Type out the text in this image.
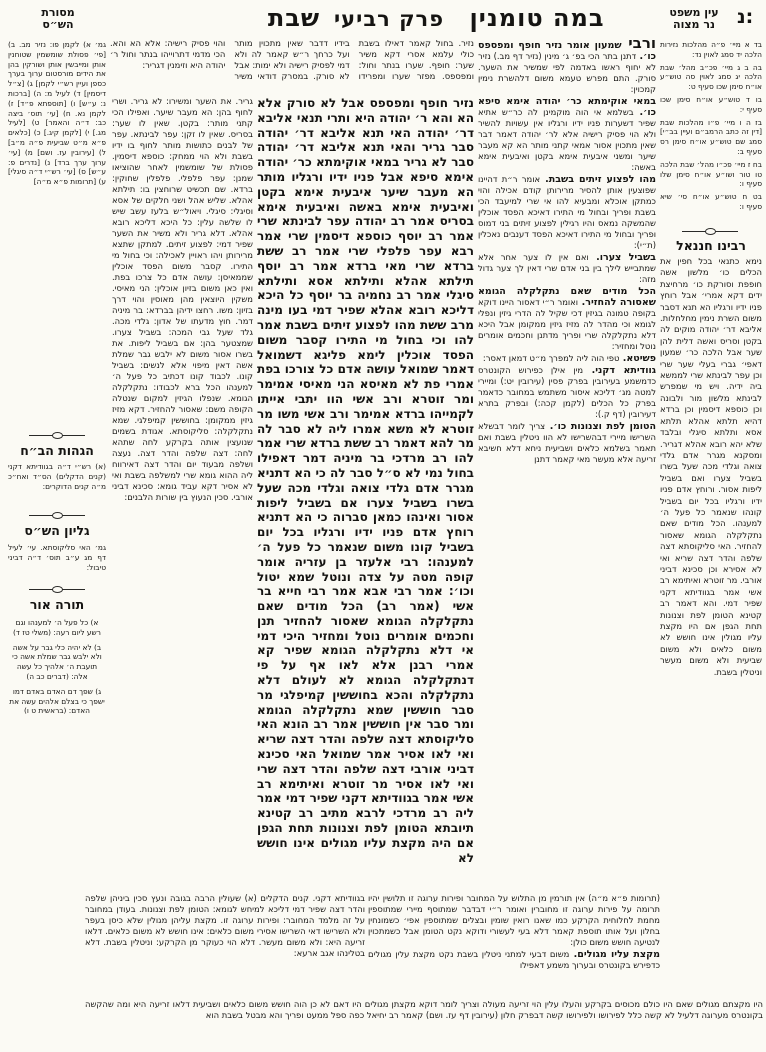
נ:
עין משפט
נר מצוה
במה טומנין
פרק רביעי
שבת
מסורת
הש״ס

בד א מיי׳ פ״ה מהלכות נזירות הלכה יד סמג לאוין נד:

בה ב ג מיי׳ פכ״ב מהל׳ שבת הלכה יג סמג לאוין סה טוש״ע או״ח סימן שכו סעיף ט:

בו ד טוש״ע או״ח סימן שכו סעיף י:

בז ה ו מיי׳ פ״ו מהלכות שבת [דין זה כתב הרמב״ם ועיין בב״י] סמג שם טוש״ע או״ח סימן רס סעיף ב:

בח ז מיי׳ פכ״ו מהל׳ שבת הלכה טו טור ושו״ע או״ח סימן שלו סעיף ו:

בט ח טוש״ע או״ח סי׳ שיא סעיף ו:

רבינו חננאל
נימא כתנאי בכל חפין את הכלים כו׳ מלשון אשה חופפת וסורקת כו׳ מרחיצת ידים דקא אמרי׳ אבל רוחץ פניו ידיו ורגליו הא תנא דסבר משום השרת נימין מחלחלות. אליבא דר׳ יהודה מוקים לה בקטן וסריס ואשה דלית להן שער אבל הלכה כר׳ שמעון דאפי׳ גברי בעלי שער שרי וכן עפר לבינתא שרי לממשא ביה ידיה. ויש מי שמפרש לבינתא מלשון מור ולבונה וכן כוספא דיסמין וכן ברדא דהיא תלתא אהלא תלתא אסא ותלתא סיגלי ובלבד שלא יהא רובא אהלא דגריר. ומסקנא מגרר אדם גלדי צואה וגלדי מכה שעל בשרו בשביל צערו ואם בשביל ליפות אסור. ורוחץ אדם פניו ידיו ורגליו בכל יום בשביל קונהו שנאמר כל פעל ה׳ למענהו. הכל מודים שאם נתקלקלה הגומא שאסור להחזיר. האי סליקוסתא דצה שלפה והדר דצה שריא ואי לא אסירא וכן סכינא דביני אורבי. מר זוטרא ואיתימא רב אשי אמר בגוודיתא דקני שפיר דמי. והא דאמר רב קטינא הטומן לפת וצנונות תחת הגפן אם היו מקצת עליו מגולין אינו חושש לא משום כלאים ולא משום שביעית ולא משום מעשר וניטלין בשבת.
ורבי שמעון אומר נזיר חופף ומפספס כו׳. דתנן בתר הכי בפ׳ ג׳ מינין (נזיר דף מב.) נזיר לא יחוף ראשו באדמה לפי שמשיר את השער. סורק. התם מפרש טעמא משום דלהשרת נימין קמכוין:
במאי אוקימתא כר׳ יהודה אימא סיפא כו׳. בשלמא אי הוה מוקמינן לה כר״ש אתיא שפיר דשערות פניו ידיו ורגליו אין עשויות להשיר ולא הוי פסיק רישיה אלא לר׳ יהודה דאמר דבר שאין מתכוין אסור אמאי קתני מותר הא קא מעבר שיער ומשני איבעית אימא בקטן ואיבעית אימא באשה:
מהו לפצוע זיתים בשבת. אומר ר״ת דהיינו שפוצעין אותן להסיר מרירותן קודם אכילה והוי כמתקן אוכלא ומבעיא להו אי שרי למיעבד הכי בשבת ופריך ובחול מי התירו דאיכא הפסד אוכלין שהמשקה נמאס והיו רגילין לפצוע זיתים בני דמוס ופריך ובחול מי התירו דאיכא הפסד דענבים נאכלין (ת״י):
בשביל צערו. ואם אין לו צער אחר אלא שמתבייש לילך בין בני אדם שרי דאין לך צער גדול מזה:
הכל מודים שאם נתקלקלה הגומא שאסורה להחזיר. ואומר ר״י דאסור היינו דוקא בקופה טמונה בגיזין דכי שקיל לה הדרי גיזין ונפלי לגומא וכי מהדר לה מזיז גיזין ממקומן אבל היכא דלא נתקלקלה שרי ופריך מדתנן וחכמים אומרים נוטל ומחזיר:
פשיטא. טפי הוה ליה למפרך מ״ט דמאן דאסר:
גוודיתא דקני. מין אילן כפירוש הקונטרס כדמשמע בעירובין בפרק פסין (עירובין יט:) ומיירי למטה מג׳ דליכא איסור משתמש במחובר כדאמר בפרק כל הכלים (לקמן קכה:) ובפרק בתרא דעירובין (דף ק.):
הטומן לפת וצנונות כו׳. צריך לומר דבשלא השרישו מיירי דבהשרישו לא הוו ניטלין בשבת ואם תאמר בשלמא כלאים ושביעית ניחא דלא חשיבא זריעה אלא מעשר מאי קאמר דתנן
נזיר. בחול קאמר דאילו בשבת כולי עלמא אסרי דקא משיר שער: חופף. שערו בנתר וחול: ומפספס. מפזר שערו ומפרידו בידיו דדבר שאין מתכוין מותר ועל כרחך ר״ש קאמר לה ולא דמי לפסיק רישיה ולא ימות: אבל לא סורק. במסרק דודאי משיר והוי פסיק רישיה: אלא הא והא. הכי מדמי דתרוייהו בנתר וחול ר׳ יהודה היא וזימנין דגריר:
נזיר חופף ומפספס אבל לא סורק אלא הא והא ר׳ יהודה היא ותרי תנאי אליבא דר׳ יהודה האי תנא אליבא דר׳ יהודה סבר גריר והאי תנא אליבא דר׳ יהודה סבר לא גריר במאי אוקימתא כר׳ יהודה אימא סיפא אבל פניו ידיו ורגליו מותר הא מעבר שיער איבעית אימא בקטן ואיבעית אימא באשה ואיבעית אימא בסריס אמר רב יהודה עפר לבינתא שרי אמר רב יוסף כוספא דיסמין שרי אמר רבא עפר פלפלי שרי אמר רב ששת ברדא שרי מאי ברדא אמר רב יוסף תילתא אהלא ותילתא אסא ותילתא סיגלי אמר רב נחמיה בר יוסף כל היכא דליכא רובא אהלא שפיר דמי בעו מינה מרב ששת מהו לפצוע זיתים בשבת אמר להו וכי בחול מי התירו קסבר משום הפסד אוכלין לימא פליגא דשמואל דאמר שמואל עושה אדם כל צורכו בפת אמרי פת לא מאיסא הני מאיסי אמימר ומר זוטרא ורב אשי הוו יתבי אייתו לקמייהו ברדא אמימר ורב אשי משו מר זוטרא לא משא אמרו ליה לא סבר לה מר להא דאמר רב ששת ברדא שרי אמר להו רב מרדכי בר מיניה דמר דאפילו בחול נמי לא ס״ל סבר לה כי הא דתניא מגרר אדם גלדי צואה וגלדי מכה שעל בשרו בשביל צערו אם בשביל ליפות אסור ואינהו כמאן סברוה כי הא דתניא רוחץ אדם פניו ידיו ורגליו בכל יום בשביל קונו משום שנאמר כל פעל ה׳ למענהו: רבי אלעזר בן עזריה אומר קופה מטה על צדה ונוטל שמא יטול וכו׳: אמר רבי אבא אמר רבי חייא בר אשי (אמר רב) הכל מודים שאם נתקלקלה הגומא שאסור להחזיר תנן וחכמים אומרים נוטל ומחזיר היכי דמי אי דלא נתקלקלה הגומא שפיר קא אמרי רבנן אלא לאו אף על פי דנתקלקלה הגומא לא לעולם דלא נתקלקלה והכא בחוששין קמיפלגי מר סבר חוששין שמא נתקלקלה הגומא ומר סבר אין חוששין אמר רב הונא האי סליקוסתא דצה שלפה והדר דצה שריא ואי לאו אסיר אמר שמואל האי סכינא דביני אורבי דצה שלפה והדר דצה שרי ואי לאו אסיר מר זוטרא ואיתימא רב אשי אמר בגוודיתא דקני שפיר דמי אמר ליה רב מרדכי לרבא מתיב רב קטינא תיובתא הטומן לפת וצנונות תחת הגפן אם היה מקצת עליו מגולים אינו חושש לא
גריר. את השער ומשירו: לא גריר. ושרי לחוף בהן: הא מעבר שיער. ואפילו הכי קתני מותר: בקטן. שאין לו שער: בסריס. שאין לו זקן: עפר לבינתא. עפר של לבנים כתושות מותר לחוף בו ידיו בשבת ולא הוי ממחק: כוספא דיסמין. פסולת של שומשמין לאחר שהוציאו שמנן: עפר פלפלי. פלפלין שחוקין: ברדא. שם תכשיט שרוחצין בו: תילתא אהלא. שליש אהל ושני חלקים של אסא וסיגלי: סיגלי. ויאול״ש בלעז עשב שיש לו שלשה עלין: כל היכא דליכא רובא אהלא. דלא גריר ולא משיר את השער שפיר דמי: לפצוע זיתים. למתקן שתצא מרירותן ויהו ראויין לאכילה: וכי בחול מי התירו. קסבר משום הפסד אוכלין שממאיסן: עושה אדם כל צרכו בפת. ואין כאן משום בזיון אוכלין: הני מאיסי. משקין היוצאין מהן מאוסין והוי דרך בזיון: משו. רחצו ידיהן בברדא: בר מיניה דמר. חוץ מדעתו של אדון: גלדי מכה. גלד שעל גבי המכה: בשביל צערו. שמצטער בהן: אם בשביל ליפות. את בשרו אסור משום לא ילבש גבר שמלת אשה דאין מיפוי אלא לנשים: בשביל קונו. לכבוד קונו דכתיב כל פעל ה׳ למענהו הכל ברא לכבודו: נתקלקלה הגומא. שנפלו הגיזין למקום שנטלה הקופה משם: שאסור להחזיר. דקא מזיז גיזין ממקומן: בחוששין קמיפלגי. שמא נתקלקלה: סליקוסתא. אגודת בשמים שנועצין אותה בקרקע לחה שתהא לחה: דצה שלפה והדר דצה. נעצה ושלפה מבעוד יום והדר דצה דאירווח ליה ההוא גומא שרי למשלפה בשבת ואי לא אסיר דקא עביד גומא: סכינא דביני אורבי. סכין הנעוץ בין שורות הלבנים:
גמ׳ א) לקמן פו: נזיר מב. ב) [פי׳ פסולת שומשמין שטוחנין אותן ומייבשין אותן ושורקין בהן את הידים מורסטום ערוך בערך כספן ועיין רש״י לקמן] ג) [צ״ל דיסמין] ד) לעיל מ: ה) [ברכות נ: ע״ש] ו) [תוספתא פ״ד] ז) לקמן נא. ח) [עי׳ תוס׳ ביצה כב: ד״ה והאמר] ט) [לעיל מג.] י) [לקמן קיג.] כ) [כלאים פ״א מ״ט שביעית פ״ה מ״ב] ל) [עירובין עז. ושם] מ) [עי׳ ערוך ערך ברד] נ) [נדרים פ: ע״ש] ס) [עי׳ רש״י ד״ה סיגלי] ע) [תרומות פ״א מ״ה]
הגהות הב״ח
(א) רש״י ד״ה בגוודיתא דקני (קנים הדקלים) הס״ד ואח״כ מ״ה קנים הדוקרים:
גליון הש״ס
גמ׳ האי סליקוסתא. עי׳ לעיל דף מג ע״ב תוס׳ ד״ה דביני טיבול:
תורה אור

א) כל פעל ה׳ למענהו וגם רשע ליום רעה: (משלי טז ד)

ב) לא יהיה כלי גבר על אשה ולא ילבש גבר שמלת אשה כי תועבת ה׳ אלהיך כל עשה אלה: (דברים כב ה)

ג) שפך דם האדם באדם דמו ישפך כי בצלם אלהים עשה את האדם: (בראשית ט ו)

בגוודיתא דקני. קנים הדקלים (א) שעולין הרבה בגובה ונעץ סכין ביניהן שלפה והדר דצה שפיר דמי דליכא למיחש לגומא: הטומן לפת וצנונות. בעודן במחובר על זה מלמד המחובר: ופירות ערוגה זו. מקצת עליהן מגולין שלא כיסן בעפר ולא השרישו דאי השרישו אסירי משום כלאים: אינו חושש לא משום כלאים. דלאו זריעה היא: ולא משום מעשר. דלא הוי כעוקר מן הקרקע: וניטלין בשבת. דלא בטלינהו אגב ארעא:
(תרומות פ״א מ״ה) אין תורמין מן התלוש על המחובר ופירות ערוגה זו תלושין יהיו תרומה על פירות ערוגה זו מחוברין ואומר ר״י דבדבר שמתוסף מיירי שמתוספין מחמת לחלוחית הקרקע כמו שאנו רואין שומין ובצלים שמתוספין אפי׳ כשמונחין בחלון ועל אותו תוספת קאמר דלא בעי לעשורי ודוקא נקט הטומן אבל כשמתכוין לנטיעה חושש משום כולן:
מקצת עליו מגולים. משום דבעי למתני ניטלין בשבת נקט מקצת עלין מגולים כדפירש בקונטרס ובערוך משמע דאפילו
היו מקצתם מגולים שאם היו כולם מכוסים בקרקע והעלו עלין הוי זריעה מעולה וצריך לומר דוקא מקצתן מגולים היו דאם לא כן הוה חושש משום כלאים ושביעית דלאו זריעה היא ומה שהקשה בקונטרס מערוגה דלעיל לא קשה כלל לפירושו ולפירושו קשה דבפרק חלון (עירובין דף עז. ושם) קאמר רב יחיאל כפה ספל ממעט ופריך והא מבטל בשבת הוא
